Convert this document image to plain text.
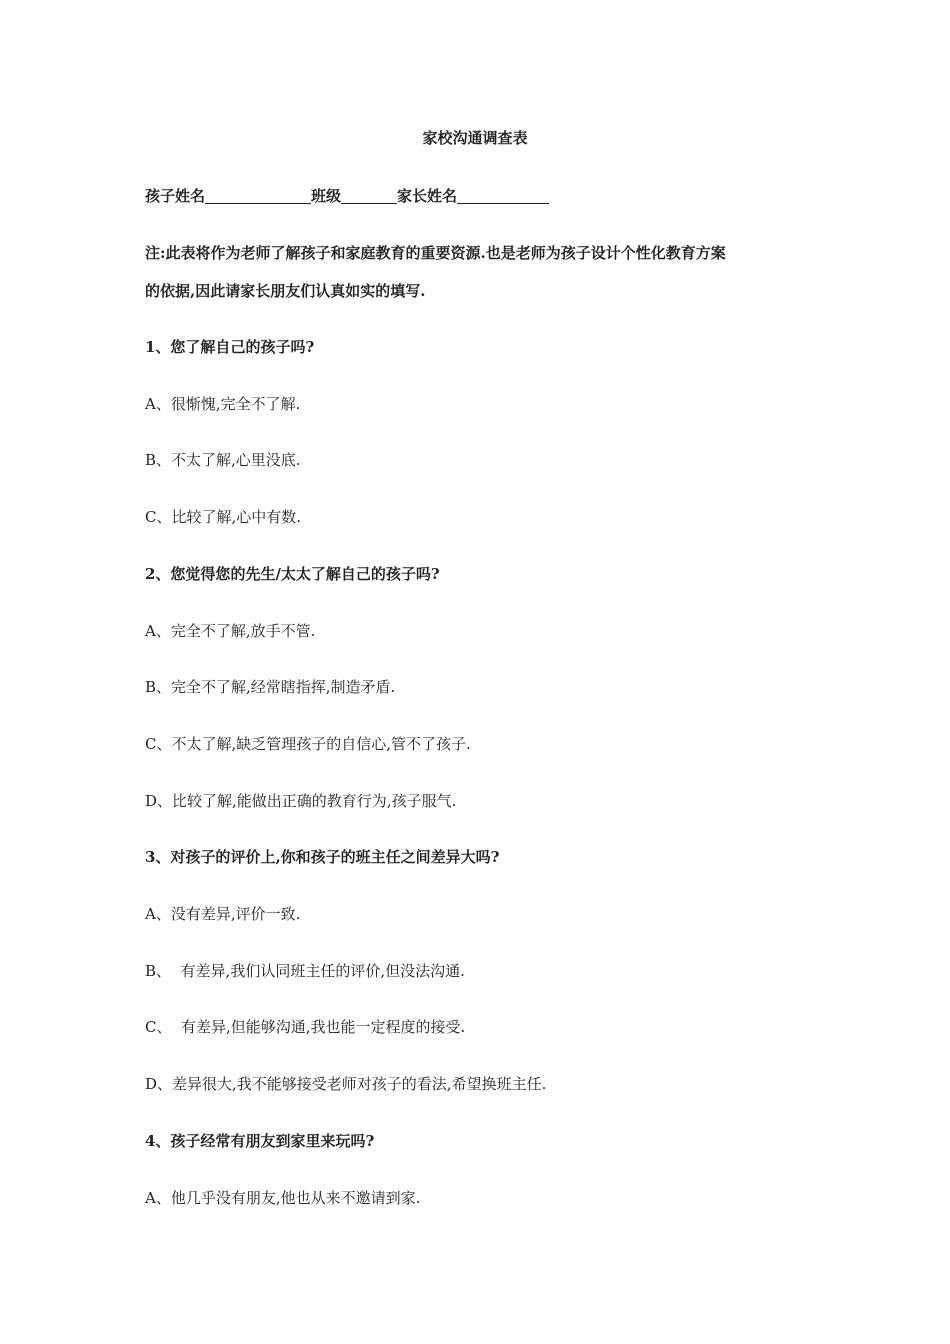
家校沟通调查表
孩子姓名	班级	家长姓名
注:此表将作为老师了解孩子和家庭教育的重要资源.也是老师为孩子设计个性化教育方案
的依据,因此请家长朋友们认真如实的填写.
1、您了解自己的孩子吗?
A、很惭愧,完全不了解.
B、不太了解,心里没底.
C、比较了解,心中有数.
2、您觉得您的先生/太太了解自己的孩子吗?
A、完全不了解,放手不管.
B、完全不了解,经常瞎指挥,制造矛盾.
C、不太了解,缺乏管理孩子的自信心,管不了孩子.
D、比较了解,能做出正确的教育行为,孩子服气.
3、对孩子的评价上,你和孩子的班主任之间差异大吗?
A、没有差异,评价一致.
B、  有差异,我们认同班主任的评价,但没法沟通.
C、  有差异,但能够沟通,我也能一定程度的接受.
D、差异很大,我不能够接受老师对孩子的看法,希望换班主任.
4、孩子经常有朋友到家里来玩吗?
A、他几乎没有朋友,他也从来不邀请到家.
